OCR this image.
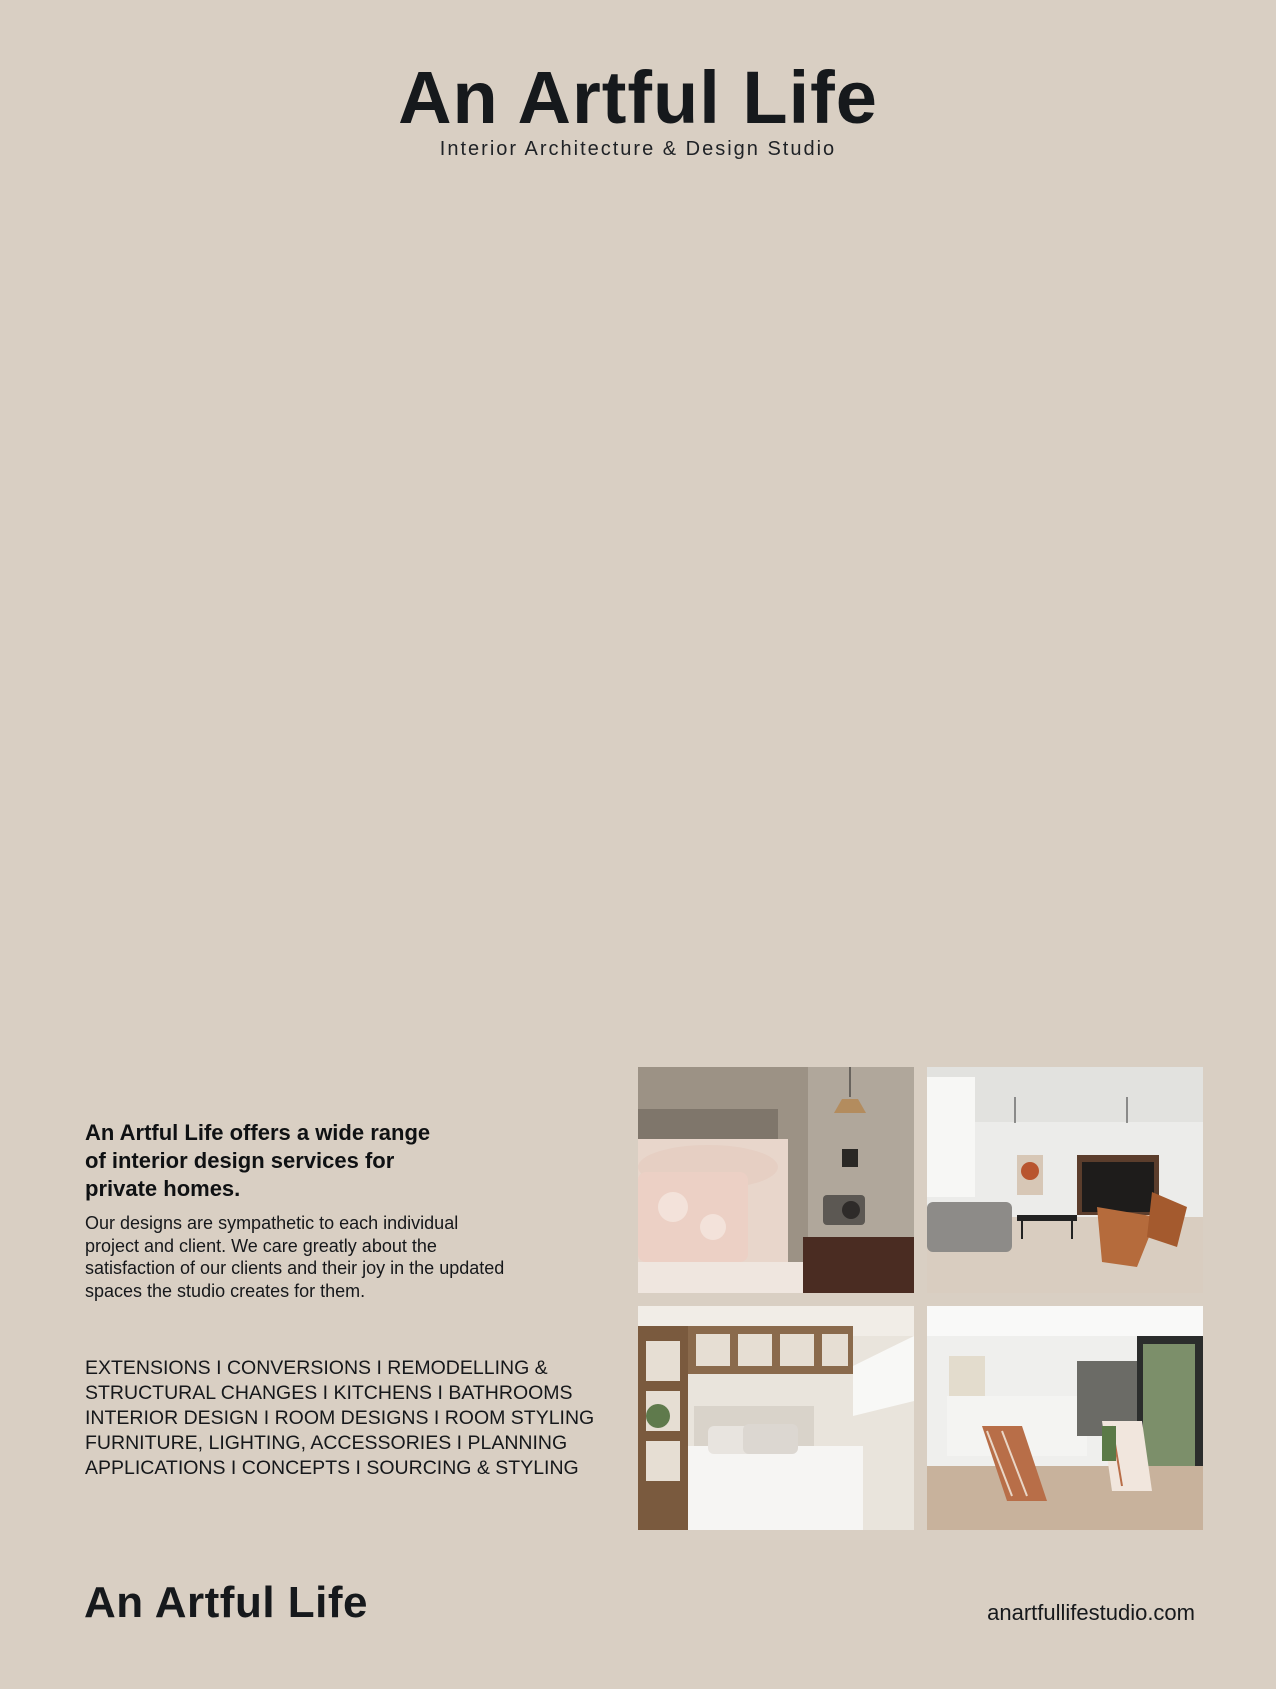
An Artful Life
Interior Architecture & Design Studio
An Artful Life offers a wide range of interior design services for private homes.

Our designs are sympathetic to each individual project and client. We care greatly about the satisfaction of our clients and their joy in the updated spaces the studio creates for them.

EXTENSIONS I CONVERSIONS I REMODELLING &
STRUCTURAL CHANGES I KITCHENS I BATHROOMS
INTERIOR DESIGN I ROOM DESIGNS I ROOM STYLING
FURNITURE, LIGHTING, ACCESSORIES I PLANNING
APPLICATIONS I CONCEPTS I SOURCING & STYLING
An Artful Life	anartfullifestudio.com
